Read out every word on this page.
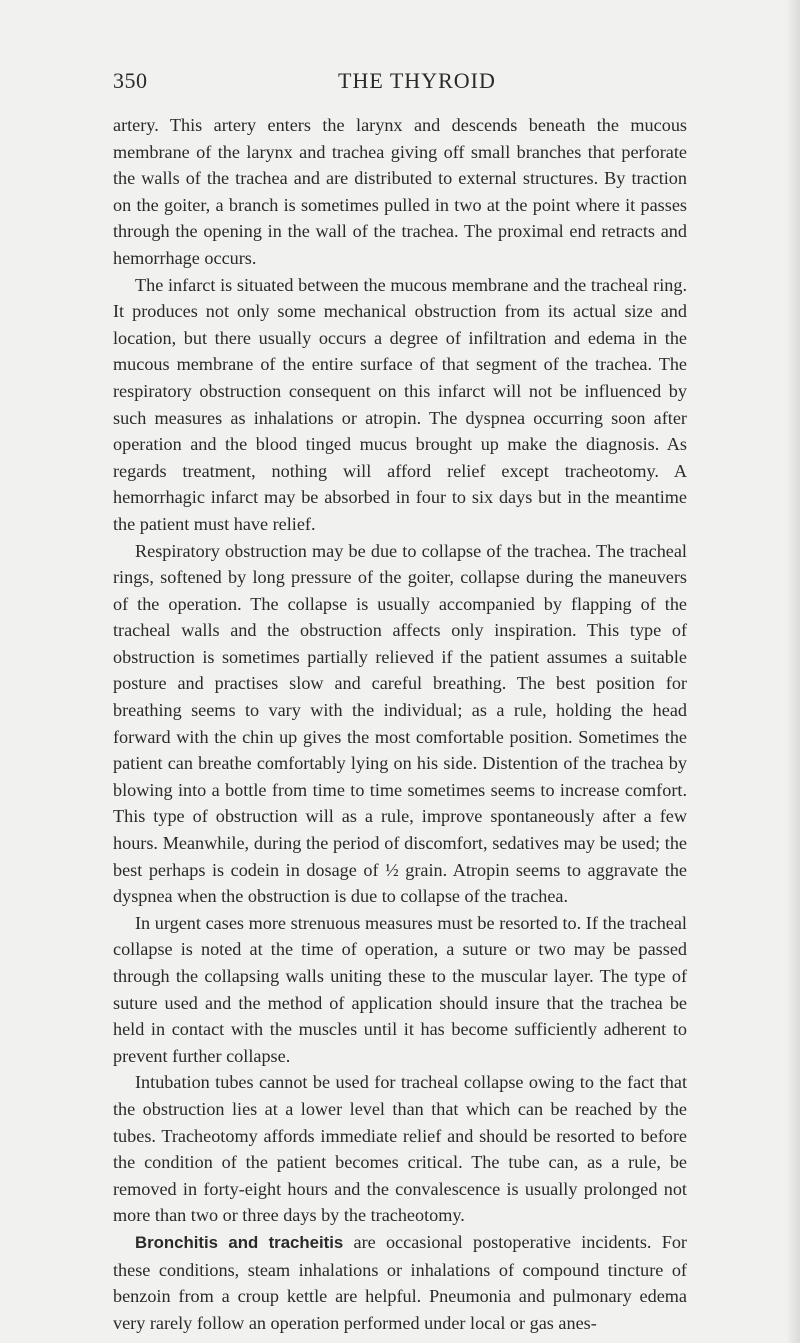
350	THE THYROID

artery. This artery enters the larynx and descends beneath the mucous membrane of the larynx and trachea giving off small branches that perforate the walls of the trachea and are distributed to external structures. By traction on the goiter, a branch is sometimes pulled in two at the point where it passes through the opening in the wall of the trachea. The proximal end retracts and hemorrhage occurs.

The infarct is situated between the mucous membrane and the tracheal ring. It produces not only some mechanical obstruction from its actual size and location, but there usually occurs a degree of infiltration and edema in the mucous membrane of the entire surface of that segment of the trachea. The respiratory obstruction consequent on this infarct will not be influenced by such measures as inhalations or atropin. The dyspnea occurring soon after operation and the blood tinged mucus brought up make the diagnosis. As regards treatment, nothing will afford relief except tracheotomy. A hemorrhagic infarct may be absorbed in four to six days but in the meantime the patient must have relief.

Respiratory obstruction may be due to collapse of the trachea. The tracheal rings, softened by long pressure of the goiter, collapse during the maneuvers of the operation. The collapse is usually accompanied by flapping of the tracheal walls and the obstruction affects only inspiration. This type of obstruction is sometimes partially relieved if the patient assumes a suitable posture and practises slow and careful breathing. The best position for breathing seems to vary with the individual; as a rule, holding the head forward with the chin up gives the most comfortable position. Sometimes the patient can breathe comfortably lying on his side. Distention of the trachea by blowing into a bottle from time to time sometimes seems to increase comfort. This type of obstruction will as a rule, improve spontaneously after a few hours. Meanwhile, during the period of discomfort, sedatives may be used; the best perhaps is codein in dosage of ½ grain. Atropin seems to aggravate the dyspnea when the obstruction is due to collapse of the trachea.

In urgent cases more strenuous measures must be resorted to. If the tracheal collapse is noted at the time of operation, a suture or two may be passed through the collapsing walls uniting these to the muscular layer. The type of suture used and the method of application should insure that the trachea be held in contact with the muscles until it has become sufficiently adherent to prevent further collapse.

Intubation tubes cannot be used for tracheal collapse owing to the fact that the obstruction lies at a lower level than that which can be reached by the tubes. Tracheotomy affords immediate relief and should be resorted to before the condition of the patient becomes critical. The tube can, as a rule, be removed in forty-eight hours and the convalescence is usually prolonged not more than two or three days by the tracheotomy.

Bronchitis and tracheitis are occasional postoperative incidents. For these conditions, steam inhalations or inhalations of compound tincture of benzoin from a croup kettle are helpful. Pneumonia and pulmonary edema very rarely follow an operation performed under local or gas anes-
